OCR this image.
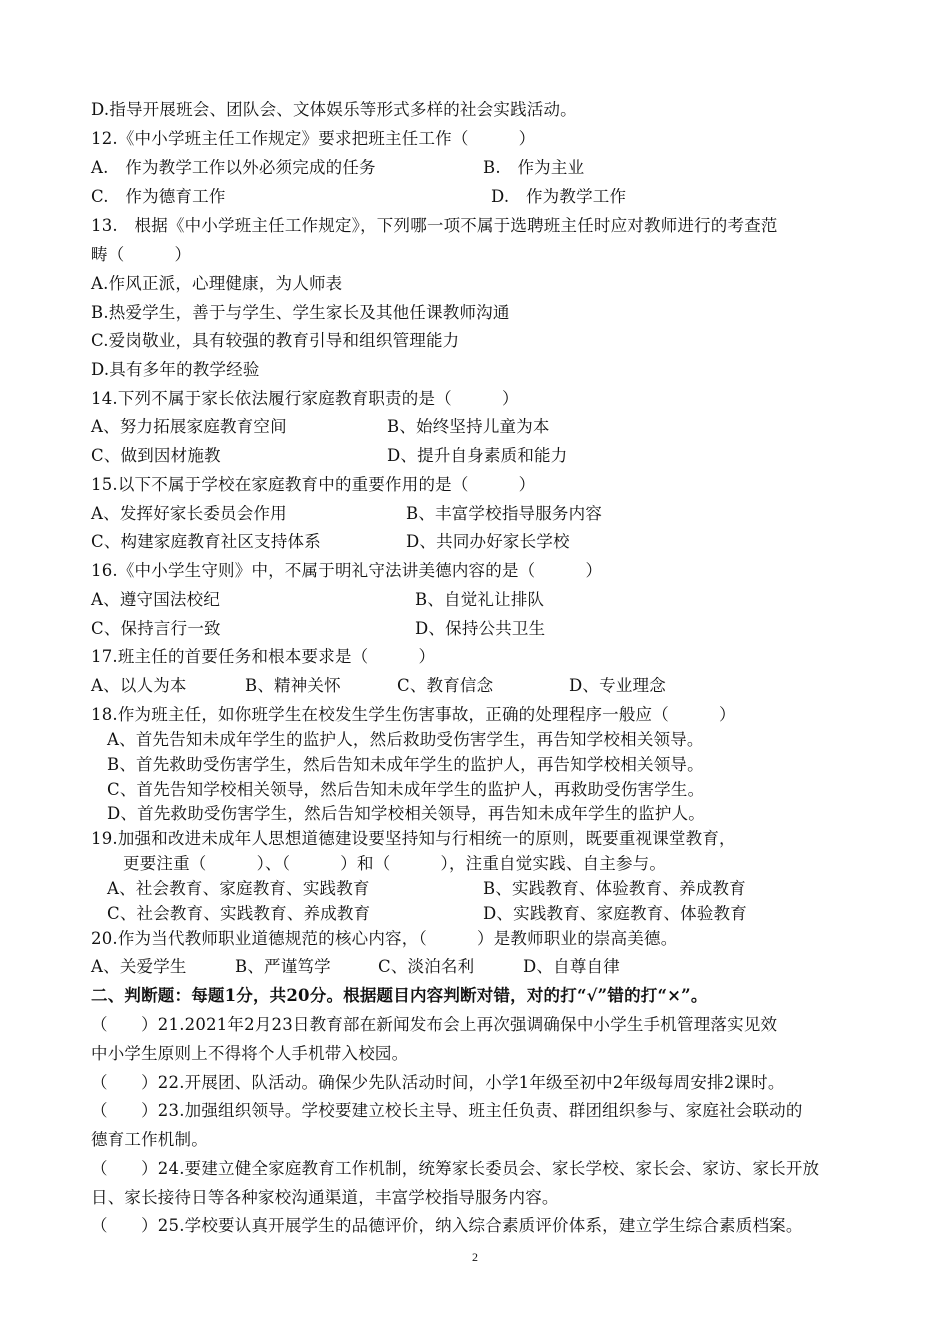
D.指导开展班会、团队会、文体娱乐等形式多样的社会实践活动。
12.《中小学班主任工作规定》要求把班主任工作（　　　）
A.　作为教学工作以外必须完成的任务	B.　作为主业
C.　作为德育工作	D.　作为教学工作
13.　根据《中小学班主任工作规定》，下列哪一项不属于选聘班主任时应对教师进行的考查范
畴（　　　）
A.作风正派，心理健康，为人师表
B.热爱学生，善于与学生、学生家长及其他任课教师沟通
C.爱岗敬业，具有较强的教育引导和组织管理能力
D.具有多年的教学经验
14.下列不属于家长依法履行家庭教育职责的是（　　　）
A、努力拓展家庭教育空间	B、始终坚持儿童为本
C、做到因材施教	D、提升自身素质和能力
15.以下不属于学校在家庭教育中的重要作用的是（　　　）
A、发挥好家长委员会作用	B、丰富学校指导服务内容
C、构建家庭教育社区支持体系	D、共同办好家长学校
16.《中小学生守则》中，不属于明礼守法讲美德内容的是（　　　）
A、遵守国法校纪	B、自觉礼让排队
C、保持言行一致	D、保持公共卫生
17.班主任的首要任务和根本要求是（　　　）
A、以人为本	B、精神关怀	C、教育信念	D、专业理念
18.作为班主任，如你班学生在校发生学生伤害事故，正确的处理程序一般应（　　　）
A、首先告知未成年学生的监护人，然后救助受伤害学生，再告知学校相关领导。
B、首先救助受伤害学生，然后告知未成年学生的监护人，再告知学校相关领导。
C、首先告知学校相关领导，然后告知未成年学生的监护人，再救助受伤害学生。
D、首先救助受伤害学生，然后告知学校相关领导，再告知未成年学生的监护人。
19.加强和改进未成年人思想道德建设要坚持知与行相统一的原则，既要重视课堂教育，
更要注重（　　　）、（　　　）和（　　　），注重自觉实践、自主参与。
A、社会教育、家庭教育、实践教育	B、实践教育、体验教育、养成教育
C、社会教育、实践教育、养成教育	D、实践教育、家庭教育、体验教育
20.作为当代教师职业道德规范的核心内容，（　　　）是教师职业的崇高美德。
A、关爱学生	B、严谨笃学	C、淡泊名利	D、自尊自律
二、判断题：每题1分，共20分。根据题目内容判断对错，对的打“√”错的打“×”。
（　　）21.2021年2月23日教育部在新闻发布会上再次强调确保中小学生手机管理落实见效
中小学生原则上不得将个人手机带入校园。
（　　）22.开展团、队活动。确保少先队活动时间，小学1年级至初中2年级每周安排2课时。
（　　）23.加强组织领导。学校要建立校长主导、班主任负责、群团组织参与、家庭社会联动的
德育工作机制。
（　　）24.要建立健全家庭教育工作机制，统筹家长委员会、家长学校、家长会、家访、家长开放
日、家长接待日等各种家校沟通渠道，丰富学校指导服务内容。
（　　）25.学校要认真开展学生的品德评价，纳入综合素质评价体系，建立学生综合素质档案。
2
